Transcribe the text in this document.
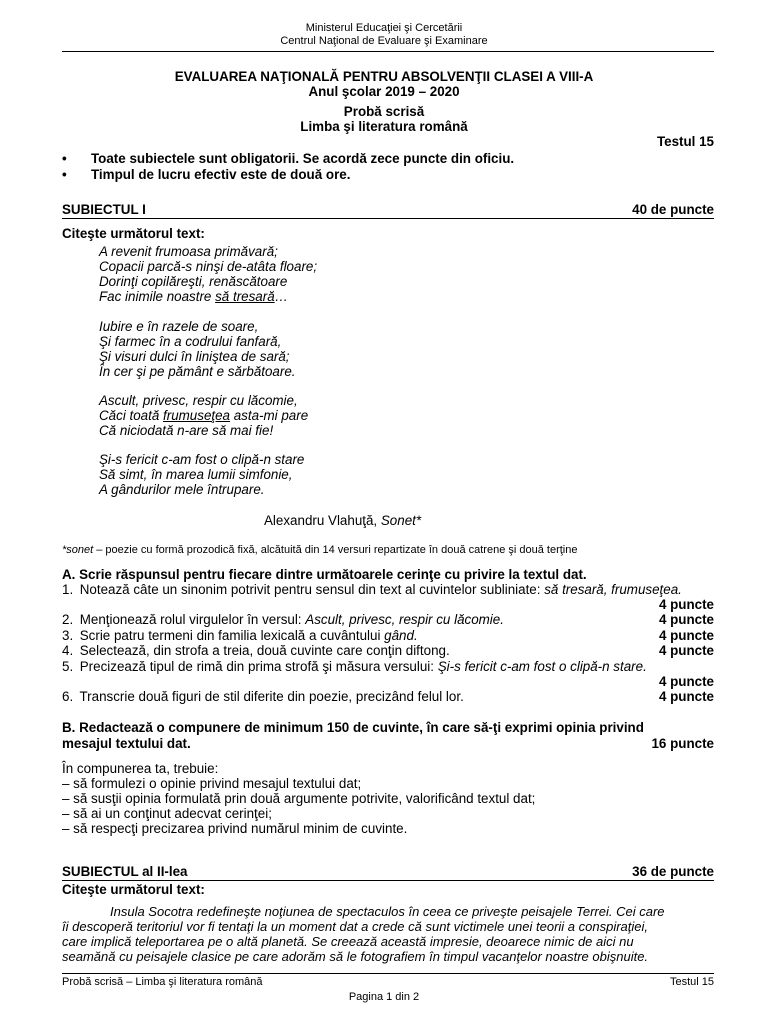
Ministerul Educaţiei şi Cercetării
Centrul Naţional de Evaluare şi Examinare
EVALUAREA NAŢIONALĂ PENTRU ABSOLVENŢII CLASEI A VIII-A
Anul şcolar 2019 – 2020
Probă scrisă
Limba şi literatura română
Testul 15
• Toate subiectele sunt obligatorii. Se acordă zece puncte din oficiu.
• Timpul de lucru efectiv este de două ore.
SUBIECTUL I	40 de puncte
Citeşte următorul text:
A revenit frumoasa primăvară;
Copacii parcă-s ninşi de-atâta floare;
Dorinţi copilăreşti, renăscătoare
Fac inimile noastre să tresară…
Iubire e în razele de soare,
Şi farmec în a codrului fanfară,
Şi visuri dulci în liniştea de sară;
În cer şi pe pământ e sărbătoare.
Ascult, privesc, respir cu lăcomie,
Căci toată frumuseţea asta-mi pare
Că niciodată n-are să mai fie!
Şi-s fericit c-am fost o clipă-n stare
Să simt, în marea lumii simfonie,
A gândurilor mele întrupare.
Alexandru Vlahuţă, Sonet*
*sonet – poezie cu formă prozodică fixă, alcătuită din 14 versuri repartizate în două catrene şi două terţine
A. Scrie răspunsul pentru fiecare dintre următoarele cerinţe cu privire la textul dat.
1. Notează câte un sinonim potrivit pentru sensul din text al cuvintelor subliniate: să tresară, frumuseţea.
4 puncte
2. Menţionează rolul virgulelor în versul: Ascult, privesc, respir cu lăcomie.	4 puncte
3. Scrie patru termeni din familia lexicală a cuvântului gând.	4 puncte
4. Selectează, din strofa a treia, două cuvinte care conţin diftong.	4 puncte
5. Precizează tipul de rimă din prima strofă şi măsura versului: Şi-s fericit c-am fost o clipă-n stare.
4 puncte
6. Transcrie două figuri de stil diferite din poezie, precizând felul lor.	4 puncte
B. Redactează o compunere de minimum 150 de cuvinte, în care să-ţi exprimi opinia privind
mesajul textului dat.	16 puncte
În compunerea ta, trebuie:
– să formulezi o opinie privind mesajul textului dat;
– să susţii opinia formulată prin două argumente potrivite, valorificând textul dat;
– să ai un conţinut adecvat cerinţei;
– să respecţi precizarea privind numărul minim de cuvinte.
SUBIECTUL al II-lea	36 de puncte
Citeşte următorul text:
Insula Socotra redefineşte noţiunea de spectaculos în ceea ce priveşte peisajele Terrei. Cei care
îi descoperă teritoriul vor fi tentaţi la un moment dat a crede că sunt victimele unei teorii a conspiraţiei,
care implică teleportarea pe o altă planetă. Se creează această impresie, deoarece nimic de aici nu
seamănă cu peisajele clasice pe care adorăm să le fotografiem în timpul vacanţelor noastre obişnuite.
Probă scrisă – Limba şi literatura română	Testul 15
Pagina 1 din 2
